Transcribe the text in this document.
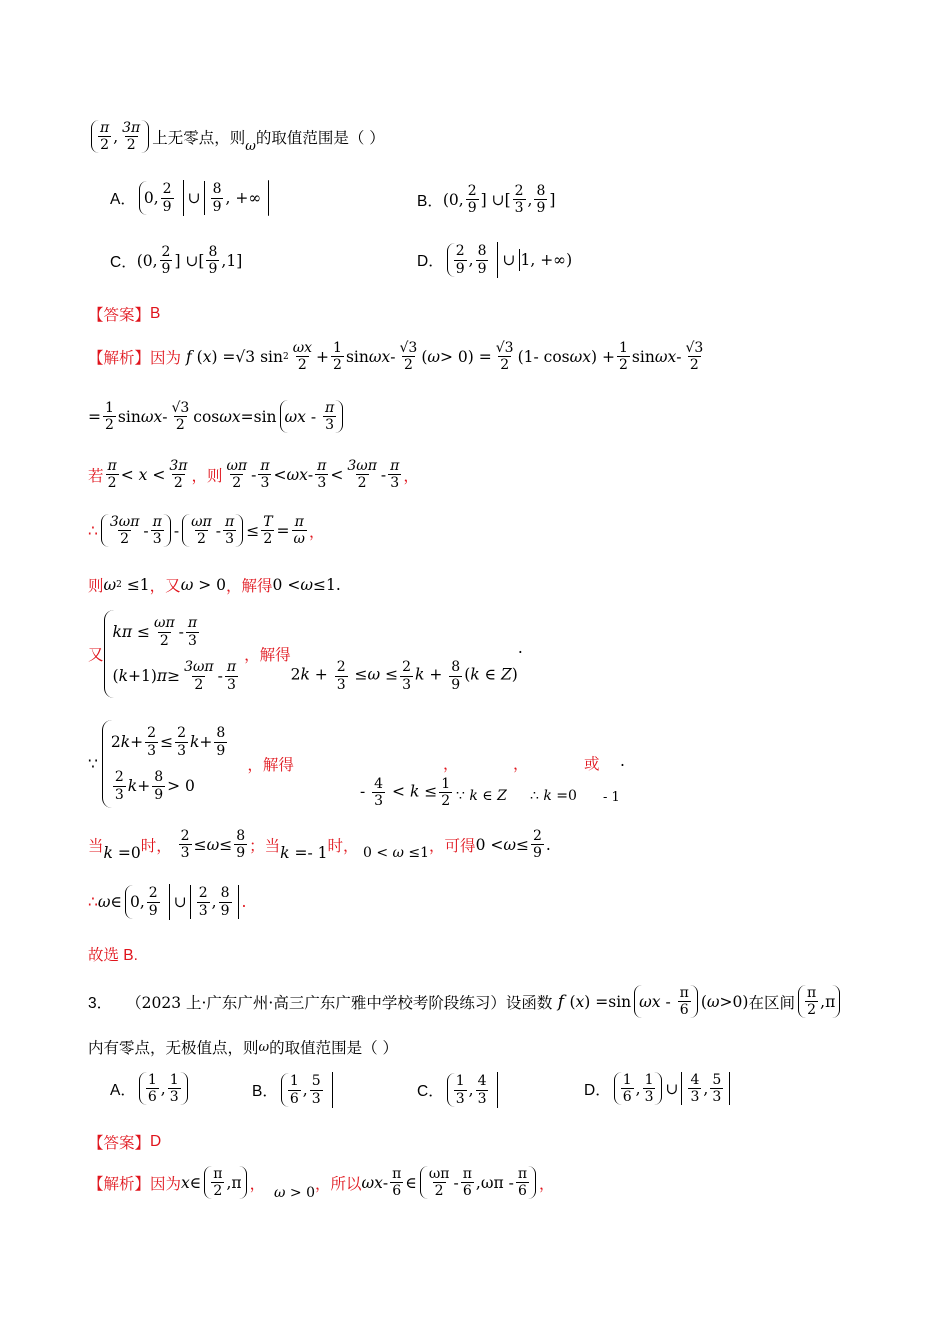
$\frac{\pi}{2}$ , $\frac{3\pi}{2}$ 上无零点，则 ω 的取值范围是（ ）
A． 0, $\frac{2}{9}$ ∪ $\frac{8}{9}$ , +∞	B． (0, $\frac{2}{9}$ ] ∪[ $\frac{2}{3}$ , $\frac{8}{9}$ ]
C． (0, $\frac{2}{9}$ ] ∪[ $\frac{8}{9} ,1$]	D． $\frac{2}{9}$ , $\frac{8}{9}$ ∪ 1, +∞)
【答案】 B
【解析】 因为 f ( x ) =√3 $\sin 2 \frac{\omega x}{2} + \frac{1}{2}$ sin ωx - $\frac{√3}{2}$ ( $\omega > 0) = \frac{√3}{2} (1-$ cos ωx ) + $\frac{1}{2}$ sin ωx - $\frac{√3}{2}$
= $\frac{1}{2}$ sin ωx - $\frac{√3}{2}$ cos ωx =sin ωx - $\frac{\pi}{3}$
若 $\frac{\pi}{2} < x < \frac{3\pi}{2}$ ，则 $\frac{\omega\pi}{2} - \frac{\pi}{3} < \omega x - \frac{\pi}{3} < \frac{3\omega\pi}{2} - \frac{\pi}{3}$ ，
∴ $\frac{3\omega\pi}{2} - \frac{\pi}{3} - \frac{\omega\pi}{2} - \frac{\pi}{3} \le \frac{T}{2} = \frac{\pi}{\omega}$ ，
则 ω 2 ≤1 ，又 ω > 0 ，解得 0 < ω ≤1.
又
$k\pi \le \frac{\omega\pi}{2} - \frac{\pi}{3}$
( k +1) $\pi \ge \frac{3\omega\pi}{2} - \frac{\pi}{3}$
，解得
$2k + \frac{2}{3} \le\omega \le \frac{2}{3}$ $k + \frac{8}{9} (k$ ∈ Z)
.
∵
2 $k + \frac{2}{3} \le \frac{2}{3}$ $k + \frac{8}{9}$
$\frac{2}{3}$ $k + \frac{8}{9} > 0$
，解得
- $\frac{4}{3} < k \le \frac{1}{2}$
，
∵ k ∈ Z
，
∴ k =0
或
- 1
.
当 k =0 时，
$\frac{2}{3} \le \omega \le \frac{8}{9}$ ；当 k =- 1 时， 0 < ω ≤1 ，可得 $0 < \omega \le \frac{2}{9}$ .
∴ ω ∈ 0, $\frac{2}{9}$ ∪ $\frac{2}{3}$ , $\frac{8}{9}$ .
故选 B.
3． （2023 上·广东广州·高三广东广雅中学校考阶段练习）设函数 f ( x ) =sin ωx - $\frac{\pi}{6}$ ( ω >0) 在区间 $\frac{\pi}{2} ,\pi$
内有零点，无极值点，则 ω 的取值范围是（ ）
A． $\frac{1}{6}$ , $\frac{1}{3}$	B． $\frac{1}{6}$ , $\frac{5}{3}$	C． $\frac{1}{3}$ , $\frac{4}{3}$	D． $\frac{1}{6}$ , $\frac{1}{3}$ ∪ $\frac{4}{3}$ , $\frac{5}{3}$
【答案】 D
【解析】 因为 x ∈ $\frac{\pi}{2} ,\pi$ ， ω > 0 ，所以 ωx - $\frac{\pi}{6}$ ∈ $\frac{\omega\pi}{2} - \frac{\pi}{6} ,\omega\pi - \frac{\pi}{6}$ ，
